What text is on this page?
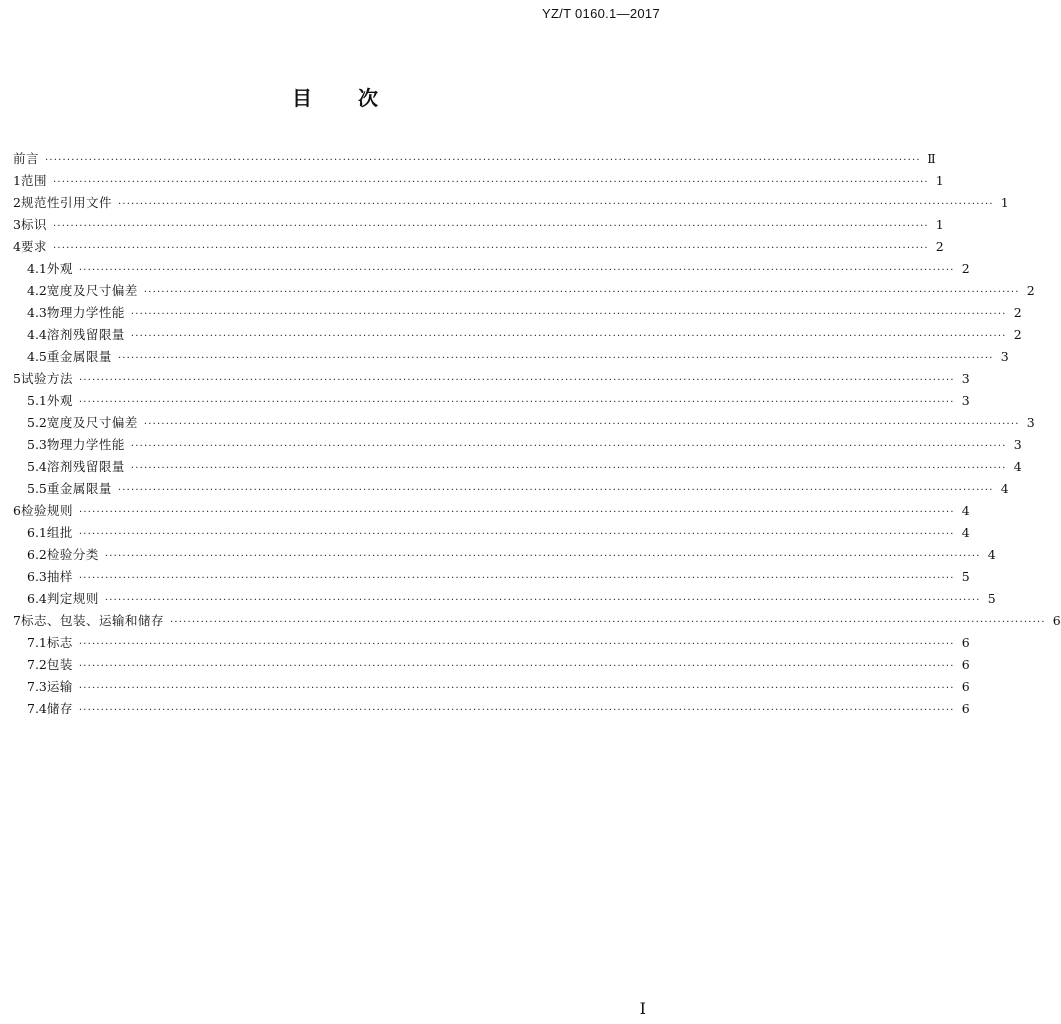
YZ/T 0160.1—2017
目 次
前言 ········································································································································································································ Ⅱ
1 范围 ········································································································································································································ 1
2 规范性引用文件 ········································································································································································································ 1
3 标识 ········································································································································································································ 1
4 要求 ········································································································································································································ 2
4.1 外观 ········································································································································································································ 2
4.2 宽度及尺寸偏差 ········································································································································································································ 2
4.3 物理力学性能 ········································································································································································································ 2
4.4 溶剂残留限量 ········································································································································································································ 2
4.5 重金属限量 ········································································································································································································ 3
5 试验方法 ········································································································································································································ 3
5.1 外观 ········································································································································································································ 3
5.2 宽度及尺寸偏差 ········································································································································································································ 3
5.3 物理力学性能 ········································································································································································································ 3
5.4 溶剂残留限量 ········································································································································································································ 4
5.5 重金属限量 ········································································································································································································ 4
6 检验规则 ········································································································································································································ 4
6.1 组批 ········································································································································································································ 4
6.2 检验分类 ········································································································································································································ 4
6.3 抽样 ········································································································································································································ 5
6.4 判定规则 ········································································································································································································ 5
7 标志、包装、运输和储存 ········································································································································································································ 6
7.1 标志 ········································································································································································································ 6
7.2 包装 ········································································································································································································ 6
7.3 运输 ········································································································································································································ 6
7.4 储存 ········································································································································································································ 6
I
